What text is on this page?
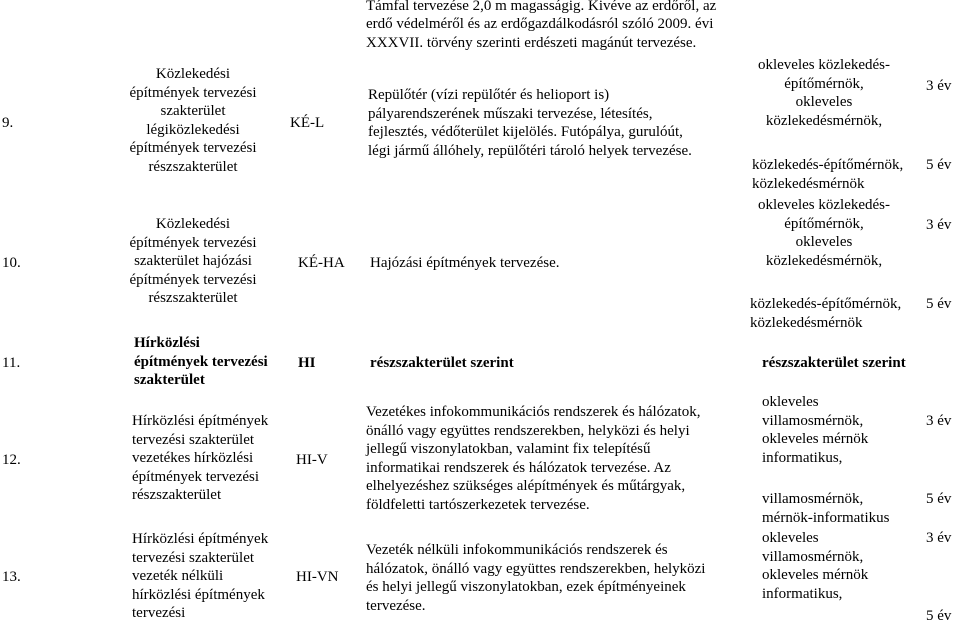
Támfal tervezése 2,0 m magasságig. Kivéve az erdőről, az
erdő védelméről és az erdőgazdálkodásról szóló 2009. évi
XXXVII. törvény szerinti erdészeti magánút tervezése.
9.
Közlekedési
építmények tervezési
szakterület
légiközlekedési
építmények tervezési
részszakterület
KÉ-L
Repülőtér (vízi repülőtér és helioport is)
pályarendszerének műszaki tervezése, létesítés,
fejlesztés, védőterület kijelölés. Futópálya, gurulóút,
légi jármű állóhely, repülőtéri tároló helyek tervezése.
okleveles közlekedés-
építőmérnök,
okleveles
közlekedésmérnök,
3 év
közlekedés-építőmérnök,
közlekedésmérnök
5 év
10.
Közlekedési
építmények tervezési
szakterület hajózási
építmények tervezési
részszakterület
KÉ-HA Hajózási építmények tervezése.
okleveles közlekedés-
építőmérnök,
okleveles
közlekedésmérnök,
3 év
közlekedés-építőmérnök,
közlekedésmérnök
5 év
11.
Hírközlési
építmények tervezési
szakterület
HI	részszakterület szerint	részszakterület szerint
12.
Hírközlési építmények
tervezési szakterület
vezetékes hírközlési
építmények tervezési
részszakterület
HI-V
Vezetékes infokommunikációs rendszerek és hálózatok,
önálló vagy együttes rendszerekben, helyközi és helyi
jellegű viszonylatokban, valamint fix telepítésű
informatikai rendszerek és hálózatok tervezése. Az
elhelyezéshez szükséges alépítmények és műtárgyak,
földfeletti tartószerkezetek tervezése.
okleveles
villamosmérnök,
okleveles mérnök
informatikus,
3 év
villamosmérnök,
mérnök-informatikus
5 év
13.
Hírközlési építmények
tervezési szakterület
vezeték nélküli
hírközlési építmények
tervezési
HI-VN
Vezeték nélküli infokommunikációs rendszerek és
hálózatok, önálló vagy együttes rendszerekben, helyközi
és helyi jellegű viszonylatokban, ezek építményeinek
tervezése.
okleveles
villamosmérnök,
okleveles mérnök
informatikus,
3 év
5 év
